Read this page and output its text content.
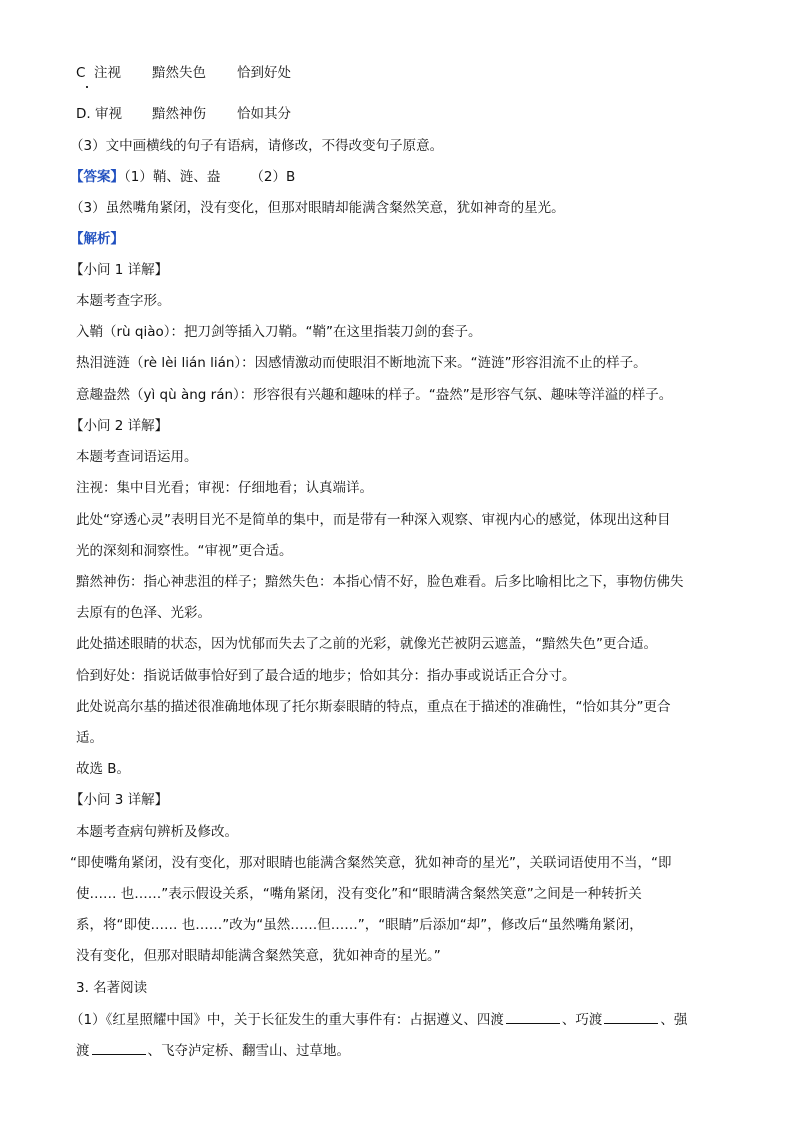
C 注视 黯然失色 恰到好处
D. 审视 黯然神伤 恰如其分
（3）文中画横线的句子有语病，请修改，不得改变句子原意。
【答案】（1）鞘、涟、盎 （2）B
（3）虽然嘴角紧闭，没有变化，但那对眼睛却能满含粲然笑意，犹如神奇的星光。
【解析】
【小问 1 详解】
本题考查字形。
入鞘（rù qiào）：把刀剑等插入刀鞘。“鞘”在这里指装刀剑的套子。
热泪涟涟（rè lèi lián lián）：因感情激动而使眼泪不断地流下来。“涟涟”形容泪流不止的样子。
意趣盎然（yì qù àng rán）：形容很有兴趣和趣味的样子。“盎然”是形容气氛、趣味等洋溢的样子。
【小问 2 详解】
本题考查词语运用。
注视：集中目光看；审视：仔细地看；认真端详。
此处“穿透心灵”表明目光不是简单的集中，而是带有一种深入观察、审视内心的感觉，体现出这种目
光的深刻和洞察性。“审视”更合适。
黯然神伤：指心神悲沮的样子；黯然失色：本指心情不好，脸色难看。后多比喻相比之下，事物仿佛失
去原有的色泽、光彩。
此处描述眼睛的状态，因为忧郁而失去了之前的光彩，就像光芒被阴云遮盖，“黯然失色”更合适。
恰到好处：指说话做事恰好到了最合适的地步；恰如其分：指办事或说话正合分寸。
此处说高尔基的描述很准确地体现了托尔斯泰眼睛的特点，重点在于描述的准确性，“恰如其分”更合
适。
故选 B。
【小问 3 详解】
本题考查病句辨析及修改。
“即使嘴角紧闭，没有变化，那对眼睛也能满含粲然笑意，犹如神奇的星光”，关联词语使用不当，“即
使…… 也……”表示假设关系，“嘴角紧闭，没有变化”和“眼睛满含粲然笑意”之间是一种转折关
系，将“即使…… 也……”改为“虽然……但……”，“眼睛”后添加“却”，修改后“虽然嘴角紧闭，
没有变化，但那对眼睛却能满含粲然笑意，犹如神奇的星光。”
3. 名著阅读
（1）《红星照耀中国》中，关于长征发生的重大事件有：占据遵义、四渡	、巧渡	、强
渡	、飞夺泸定桥、翻雪山、过草地。
